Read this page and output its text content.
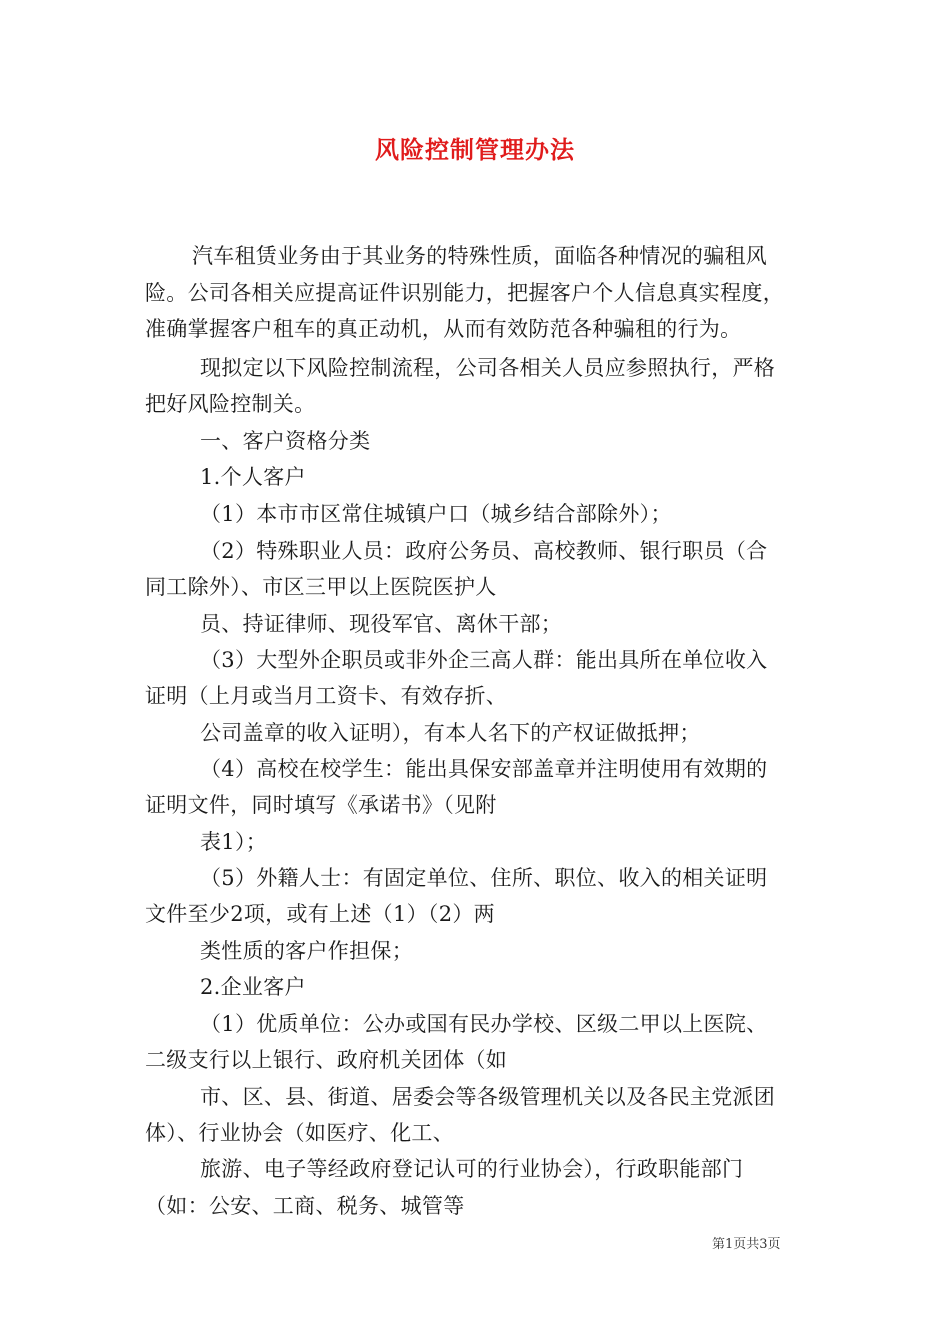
风险控制管理办法
汽车租赁业务由于其业务的特殊性质，面临各种情况的骗租风
险。公司各相关应提高证件识别能力，把握客户个人信息真实程度，
准确掌握客户租车的真正动机，从而有效防范各种骗租的行为。
现拟定以下风险控制流程，公司各相关人员应参照执行，严格
把好风险控制关。
一、客户资格分类
1.个人客户
（1）本市市区常住城镇户口（城乡结合部除外）；
（2）特殊职业人员：政府公务员、高校教师、银行职员（合
同工除外）、市区三甲以上医院医护人
员、持证律师、现役军官、离休干部；
（3）大型外企职员或非外企三高人群：能出具所在单位收入
证明（上月或当月工资卡、有效存折、
公司盖章的收入证明），有本人名下的产权证做抵押；
（4）高校在校学生：能出具保安部盖章并注明使用有效期的
证明文件，同时填写《承诺书》（见附
表1）；
（5）外籍人士：有固定单位、住所、职位、收入的相关证明
文件至少2项，或有上述（1）（2）两
类性质的客户作担保；
2.企业客户
（1）优质单位：公办或国有民办学校、区级二甲以上医院、
二级支行以上银行、政府机关团体（如
市、区、县、街道、居委会等各级管理机关以及各民主党派团
体）、行业协会（如医疗、化工、
旅游、电子等经政府登记认可的行业协会），行政职能部门
（如：公安、工商、税务、城管等
第1页共3页
